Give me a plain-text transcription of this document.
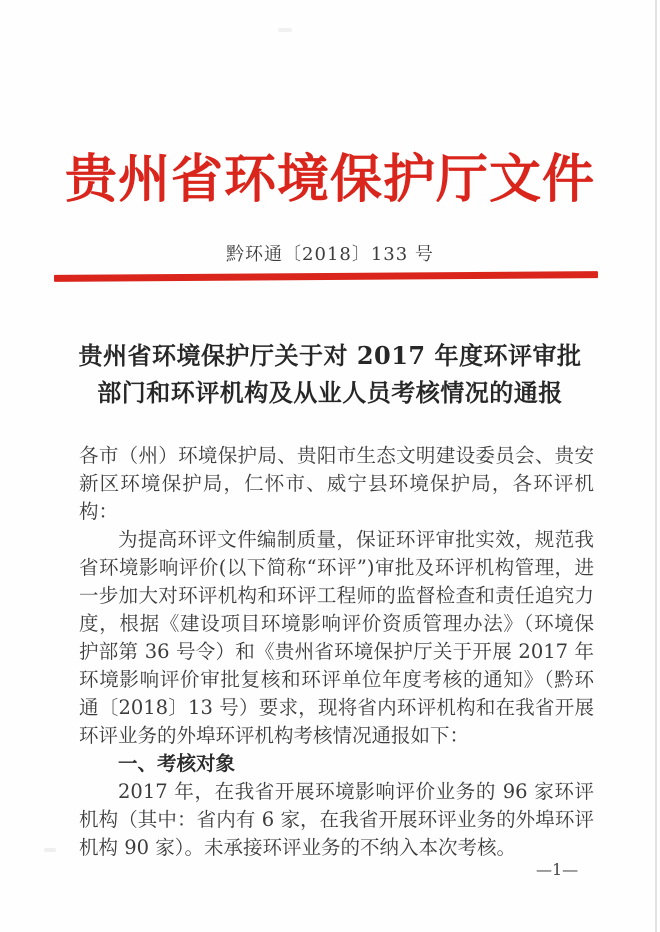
贵州省环境保护厅文件
黔环通〔2018〕133 号
贵州省环境保护厅关于对 2017 年度环评审批
部门和环评机构及从业人员考核情况的通报

各市（州）环境保护局、贵阳市生态文明建设委员会、贵安新区环境保护局，仁怀市、威宁县环境保护局，各环评机构：

为提高环评文件编制质量，保证环评审批实效，规范我省环境影响评价(以下简称“环评”)审批及环评机构管理，进一步加大对环评机构和环评工程师的监督检查和责任追究力度，根据《建设项目环境影响评价资质管理办法》（环境保护部第 36 号令）和《贵州省环境保护厅关于开展 2017 年环境影响评价审批复核和环评单位年度考核的通知》（黔环通〔2018〕13 号）要求，现将省内环评机构和在我省开展环评业务的外埠环评机构考核情况通报如下：

一、考核对象

2017 年，在我省开展环境影响评价业务的 96 家环评机构（其中：省内有 6 家，在我省开展环评业务的外埠环评机构 90 家）。未承接环评业务的不纳入本次考核。

—1—
